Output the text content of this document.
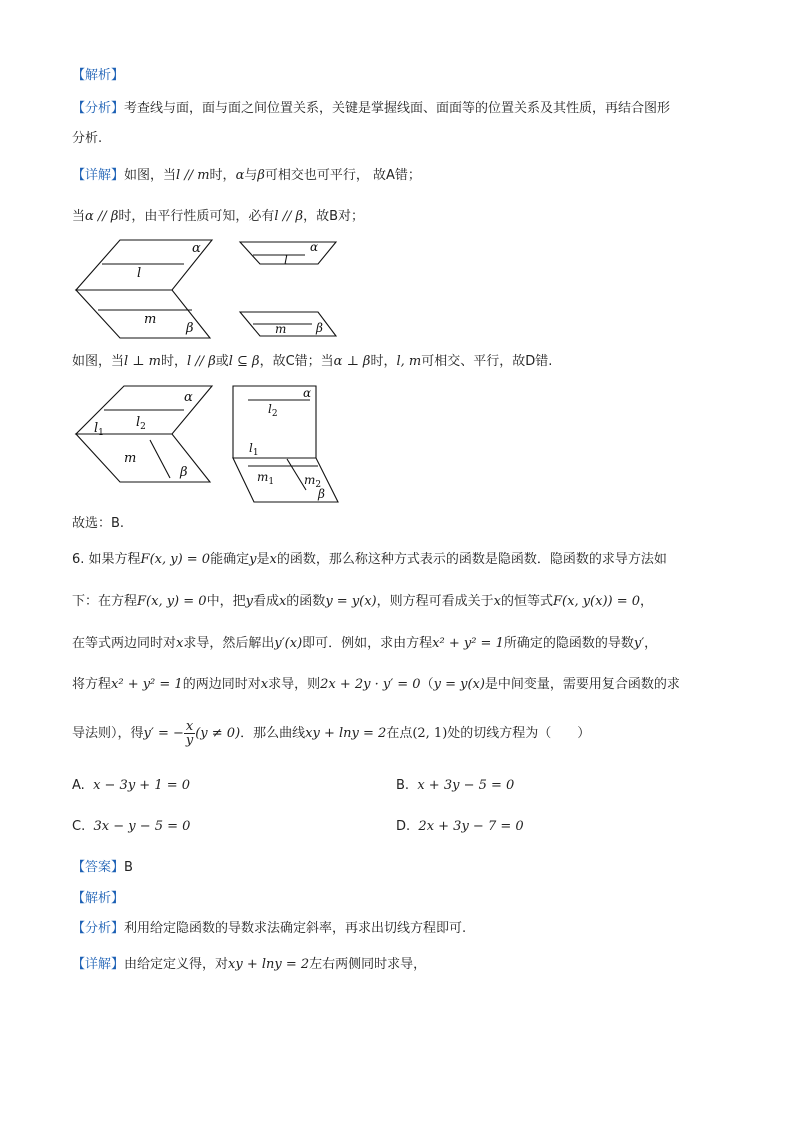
【解析】
【分析】考查线与面，面与面之间位置关系，关键是掌握线面、面面等的位置关系及其性质，再结合图形
分析.
【详解】如图，当l // m时，α与β可相交也可平行， 故A错；
当α // β时，由平行性质可知，必有l // β，故B对；
α
l
m
β
α
l
m β
如图，当l ⊥ m时，l // β或l ⊆ β，故C错；当α ⊥ β时，l, m可相交、平行，故D错.
α
$l_2$
$l_1$
m
β
α
$l_2$
$l_1$
$m_1$ $m_2$
β
故选：B.
6. 如果方程F(x, y) = 0能确定y是x的函数，那么称这种方式表示的函数是隐函数．隐函数的求导方法如
下：在方程F(x, y) = 0中，把y看成x的函数y = y(x)，则方程可看成关于x的恒等式F(x, y(x)) = 0，
在等式两边同时对x求导，然后解出y′(x)即可．例如，求由方程x² + y² = 1所确定的隐函数的导数y′，
将方程x² + y² = 1的两边同时对x求导，则2x + 2y · y′ = 0（y = y(x)是中间变量，需要用复合函数的求
导法则），得y′ = − $\frac{x}{y} (y \ne 0)$．那么曲线xy + lny = 2在点(2, 1)处的切线方程为（　　）
A. x − 3y + 1 = 0	B. x + 3y − 5 = 0
C. 3x − y − 5 = 0	D. 2x + 3y − 7 = 0
【答案】B
【解析】
【分析】利用给定隐函数的导数求法确定斜率，再求出切线方程即可.
【详解】由给定定义得，对xy + lny = 2左右两侧同时求导，
